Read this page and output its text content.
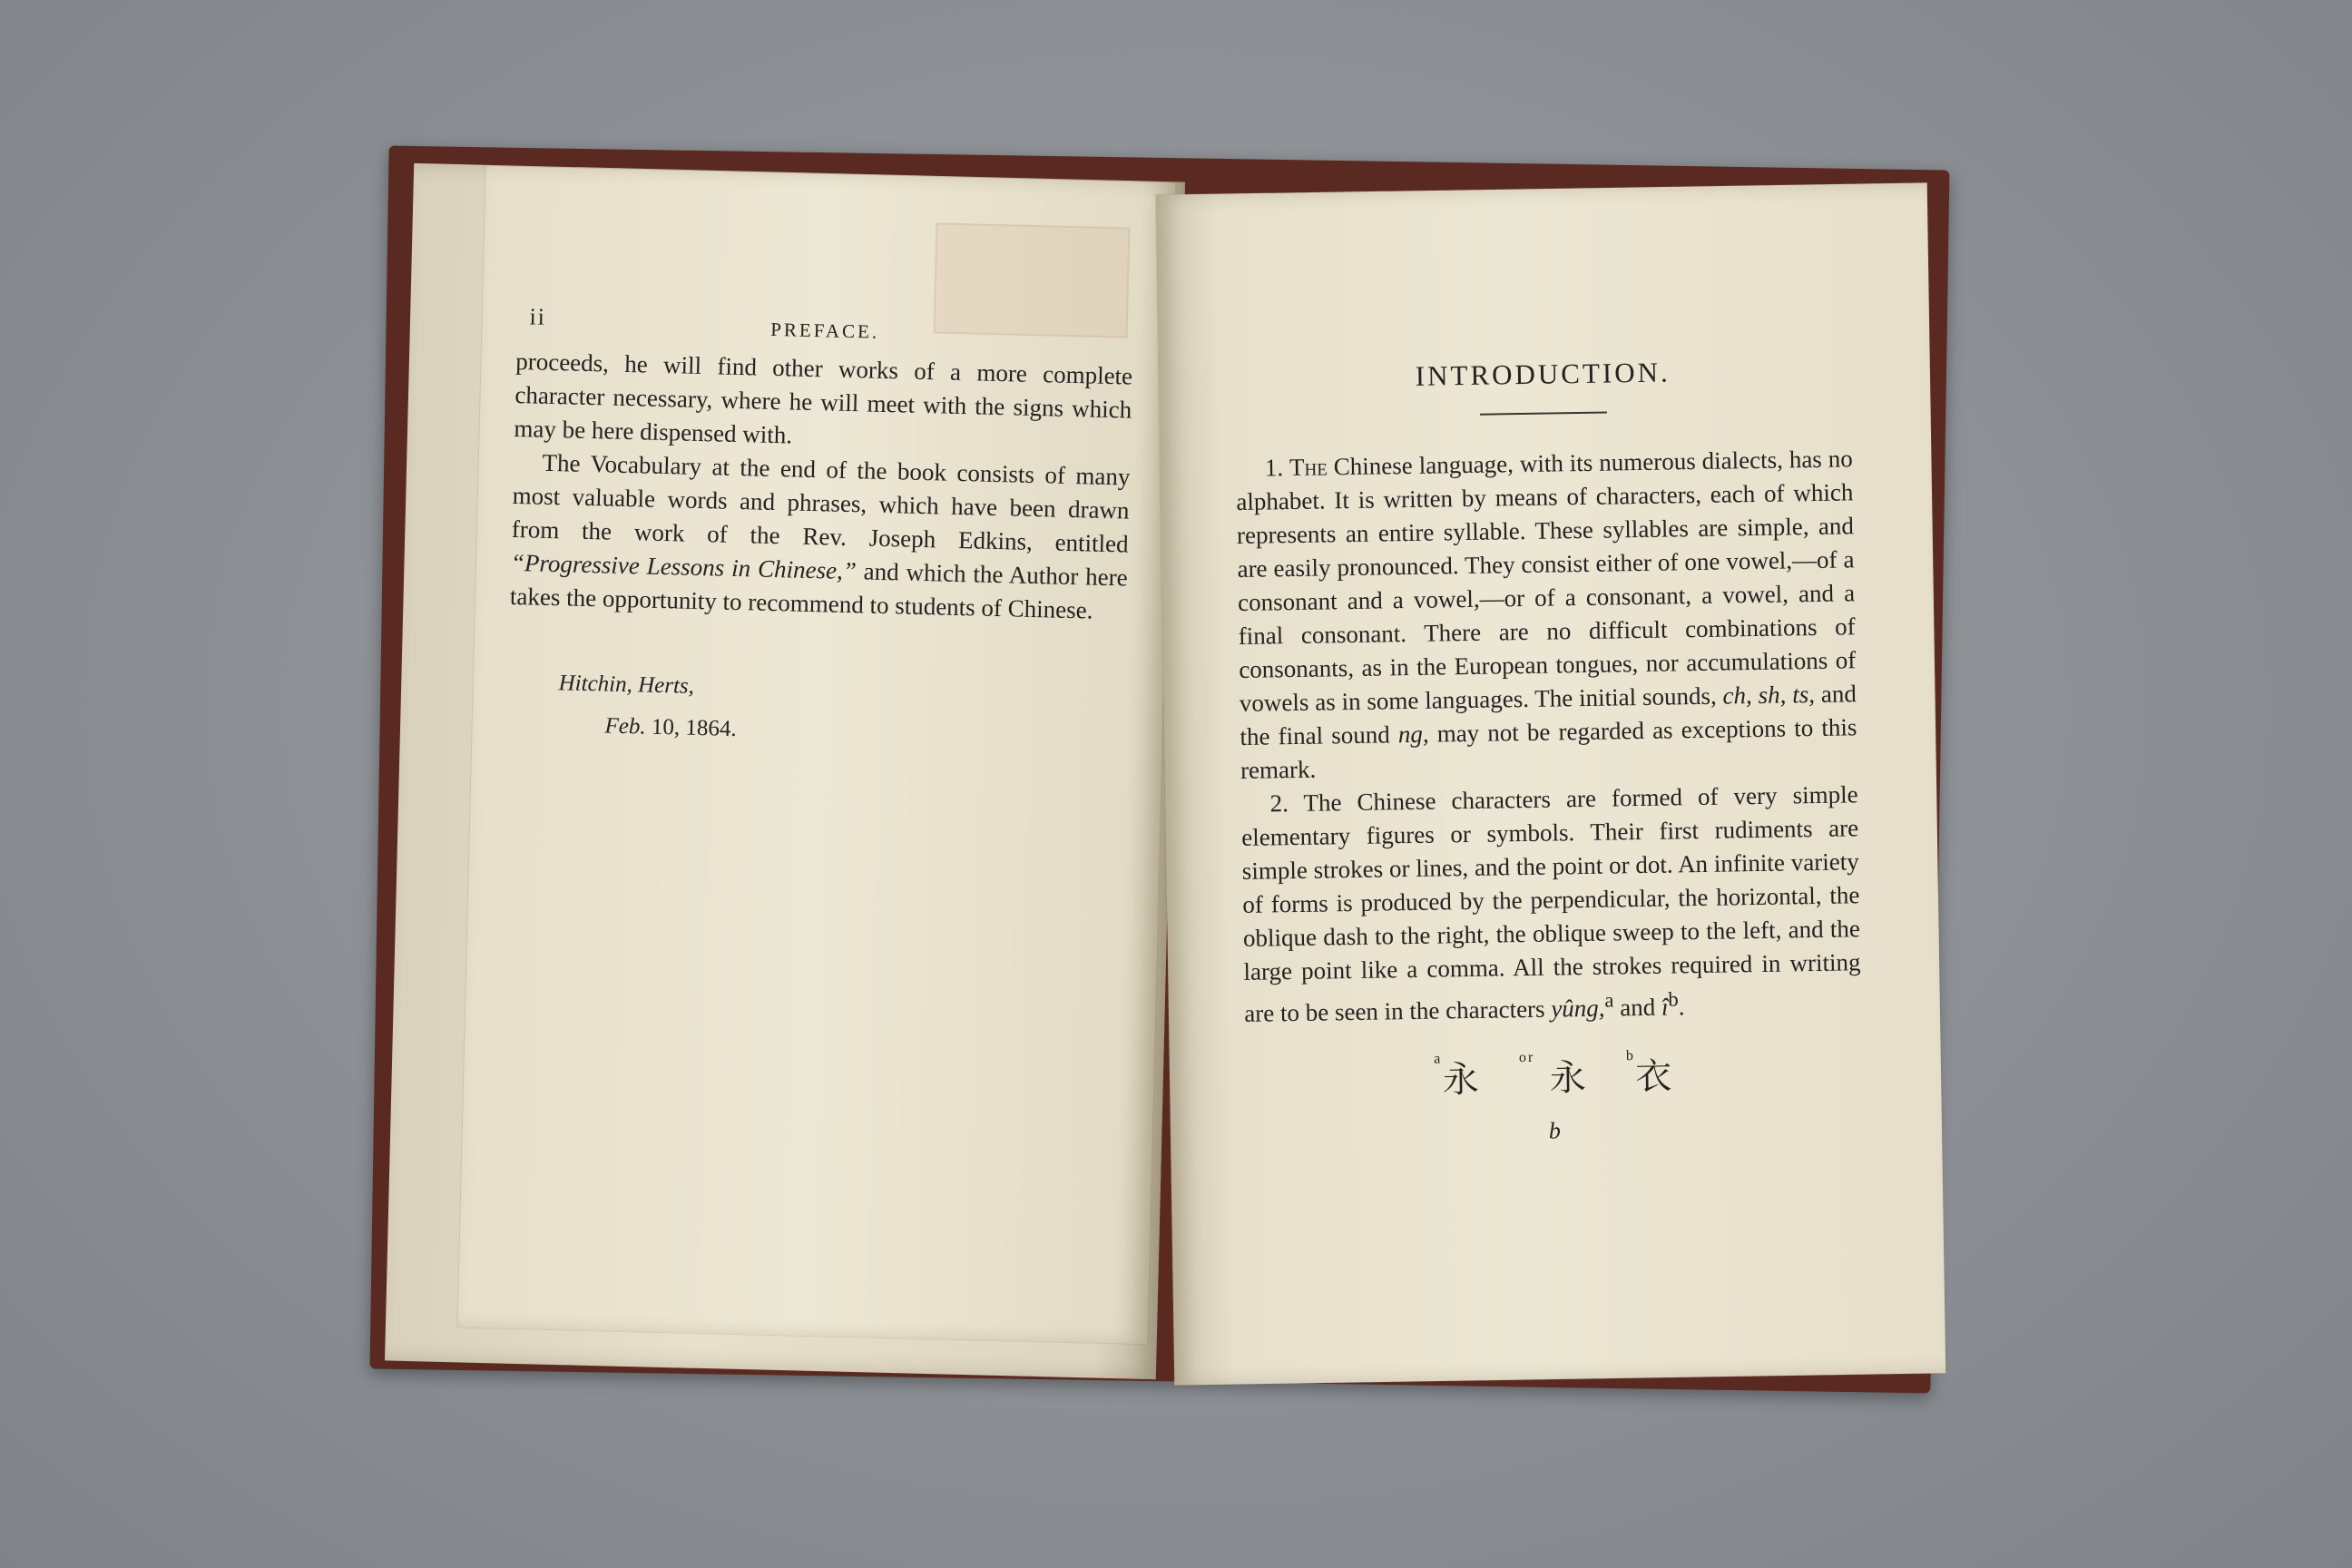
ii
PREFACE.

proceeds, he will find other works of a more complete character necessary, where he will meet with the signs which may be here dispensed with.

The Vocabulary at the end of the book consists of many most valuable words and phrases, which have been drawn from the work of the Rev. Joseph Edkins, entitled “Progressive Lessons in Chinese,” and which the Author here takes the opportunity to recommend to students of Chinese.

Hitchin, Herts,
Feb. 10, 1864.
INTRODUCTION.

1. The Chinese language, with its numerous dialects, has no alphabet. It is written by means of characters, each of which represents an entire syllable. These syllables are simple, and are easily pronounced. They consist either of one vowel,—of a consonant and a vowel,—or of a consonant, a vowel, and a final consonant. There are no difficult combinations of consonants, as in the European tongues, nor accumulations of vowels as in some languages. The initial sounds, ch, sh, ts, and the final sound ng, may not be regarded as exceptions to this remark.

2. The Chinese characters are formed of very simple elementary figures or symbols. Their first rudiments are simple strokes or lines, and the point or dot. An infinite variety of forms is produced by the perpendicular, the horizontal, the oblique dash to the right, the oblique sweep to the left, and the large point like a comma. All the strokes required in writing are to be seen in the characters yûng,$^a$ and $î^b$.

$^a$永 $^{or}$ 永 $^b$衣
b
